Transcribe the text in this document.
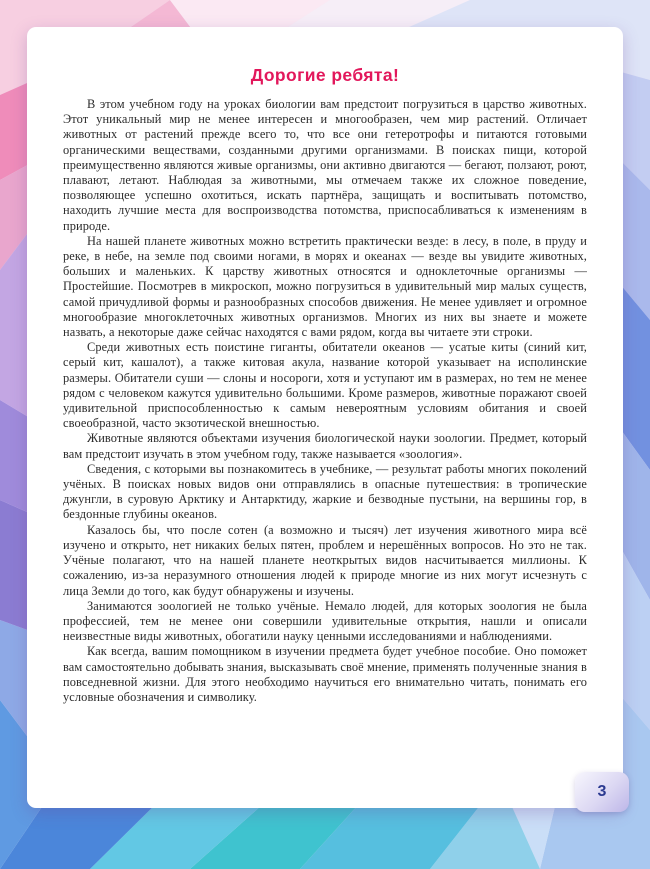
Дорогие ребята!

В этом учебном году на уроках биологии вам предстоит погрузиться в царство животных. Этот уникальный мир не менее интересен и многообразен, чем мир растений. Отличает животных от растений прежде всего то, что все они гетеротрофы и питаются готовыми органическими веществами, созданными другими организмами. В поисках пищи, которой преимущественно являются живые организмы, они активно двигаются — бегают, ползают, роют, плавают, летают. Наблюдая за животными, мы отмечаем также их сложное поведение, позволяющее успешно охотиться, искать партнёра, защищать и воспитывать потомство, находить лучшие места для воспроизводства потомства, приспосабливаться к изменениям в природе.

На нашей планете животных можно встретить практически везде: в лесу, в поле, в пруду и реке, в небе, на земле под своими ногами, в морях и океанах — везде вы увидите животных, больших и маленьких. К царству животных относятся и одноклеточные организмы — Простейшие. Посмотрев в микроскоп, можно погрузиться в удивительный мир малых существ, самой причудливой формы и разнообразных способов движения. Не менее удивляет и огромное многообразие многоклеточных животных организмов. Многих из них вы знаете и можете назвать, а некоторые даже сейчас находятся с вами рядом, когда вы читаете эти строки.

Среди животных есть поистине гиганты, обитатели океанов — усатые киты (синий кит, серый кит, кашалот), а также китовая акула, название которой указывает на исполинские размеры. Обитатели суши — слоны и носороги, хотя и уступают им в размерах, но тем не менее рядом с человеком кажутся удивительно большими. Кроме размеров, животные поражают своей удивительной приспособленностью к самым невероятным условиям обитания и своей своеобразной, часто экзотической внешностью.

Животные являются объектами изучения биологической науки зоологии. Предмет, который вам предстоит изучать в этом учебном году, также называется «зоология».

Сведения, с которыми вы познакомитесь в учебнике, — результат работы многих поколений учёных. В поисках новых видов они отправлялись в опасные путешествия: в тропические джунгли, в суровую Арктику и Антарктиду, жаркие и безводные пустыни, на вершины гор, в бездонные глубины океанов.

Казалось бы, что после сотен (а возможно и тысяч) лет изучения животного мира всё изучено и открыто, нет никаких белых пятен, проблем и нерешённых вопросов. Но это не так. Учёные полагают, что на нашей планете неоткрытых видов насчитывается миллионы. К сожалению, из-за неразумного отношения людей к природе многие из них могут исчезнуть с лица Земли до того, как будут обнаружены и изучены.

Занимаются зоологией не только учёные. Немало людей, для которых зоология не была профессией, тем не менее они совершили удивительные открытия, нашли и описали неизвестные виды животных, обогатили науку ценными исследованиями и наблюдениями.

Как всегда, вашим помощником в изучении предмета будет учебное пособие. Оно поможет вам самостоятельно добывать знания, высказывать своё мнение, применять полученные знания в повседневной жизни. Для этого необходимо научиться его внимательно читать, понимать его условные обозначения и символику.

3
